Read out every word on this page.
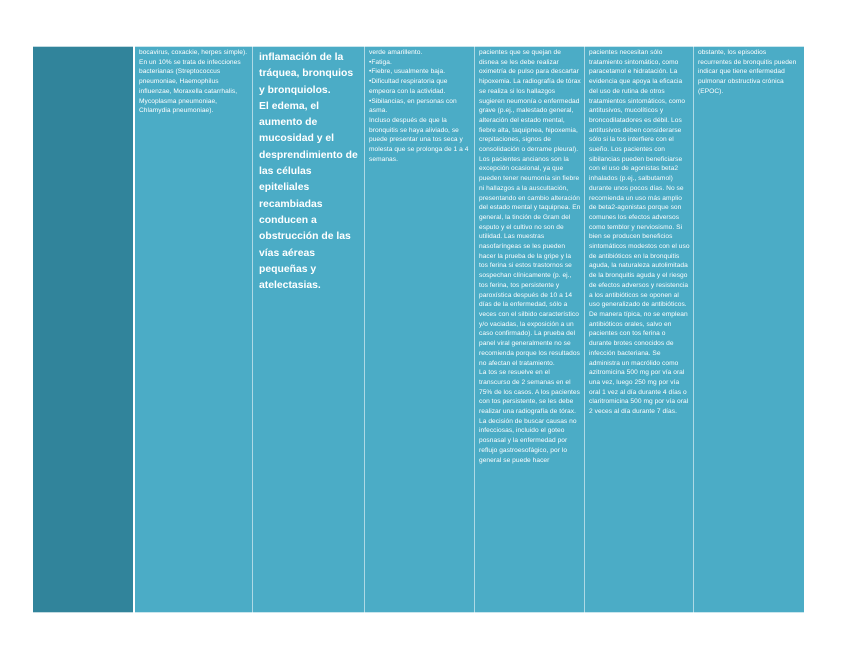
bocavirus, coxackie, herpes simple). En un 10% se trata de infecciones bacterianas (Streptococcus pneumoniae, Haemophilus influenzae, Moraxella catarrhalis, Mycoplasma pneumoniae, Chlamydia pneumoniae).

inflamación de la tráquea, bronquios y bronquiolos.
El edema, el aumento de mucosidad y el desprendimiento de las células epiteliales recambiadas conducen a obstrucción de las vías aéreas pequeñas y atelectasias.

verde amarillento.
•Fatiga.
•Fiebre, usualmente baja.
•Dificultad respiratoria que empeora con la actividad.
•Sibilancias, en personas con asma.
Incluso después de que la bronquitis se haya aliviado, se puede presentar una tos seca y molesta que se prolonga de 1 a 4 semanas.

pacientes que se quejan de disnea se les debe realizar oximetría de pulso para descartar hipoxemia. La radiografía de tórax se realiza si los hallazgos sugieren neumonía o enfermedad grave (p.ej., malestado general, alteración del estado mental, fiebre alta, taquipnea, hipoxemia, crepitaciones, signos de consolidación o derrame pleural). Los pacientes ancianos son la excepción ocasional, ya que pueden tener neumonía sin fiebre ni hallazgos a la auscultación, presentando en cambio alteración del estado mental y taquipnea. En general, la tinción de Gram del esputo y el cultivo no son de utilidad. Las muestras nasofaríngeas se les pueden hacer la prueba de la gripe y la tos ferina si estos trastornos se sospechan clínicamente (p. ej., tos ferina, tos persistente y paroxística después de 10 a 14 días de la enfermedad, sólo a veces con el silbido característico y/o vaciadas, la exposición a un caso confirmado). La prueba del panel viral generalmente no se recomienda porque los resultados no afectan el tratamiento.
La tos se resuelve en el transcurso de 2 semanas en el 75% de los casos. A los pacientes con tos persistente, se les debe realizar una radiografía de tórax. La decisión de buscar causas no infecciosas, incluido el goteo posnasal y la enfermedad por reflujo gastroesofágico, por lo general se puede hacer

pacientes necesitan sólo tratamiento sintomático, como paracetamol e hidratación. La evidencia que apoya la eficacia del uso de rutina de otros tratamientos sintomáticos, como antitusivos, mucolíticos y broncodilatadores es débil. Los antitusivos deben considerarse sólo si la tos interfiere con el sueño. Los pacientes con sibilancias pueden beneficiarse con el uso de agonistas beta2 inhalados (p.ej., salbutamol) durante unos pocos días. No se recomienda un uso más amplio de beta2-agonistas porque son comunes los efectos adversos como temblor y nerviosismo. Si bien se producen beneficios sintomáticos modestos con el uso de antibióticos en la bronquitis aguda, la naturaleza autolimitada de la bronquitis aguda y el riesgo de efectos adversos y resistencia a los antibióticos se oponen al uso generalizado de antibióticos. De manera típica, no se emplean antibióticos orales, salvo en pacientes con tos ferina o durante brotes conocidos de infección bacteriana. Se administra un macrólido como azitromicina 500 mg por vía oral una vez, luego 250 mg por vía oral 1 vez al día durante 4 días o claritromicina 500 mg por vía oral 2 veces al día durante 7 días.

obstante, los episodios recurrentes de bronquitis pueden indicar que tiene enfermedad pulmonar obstructiva crónica (EPOC).
